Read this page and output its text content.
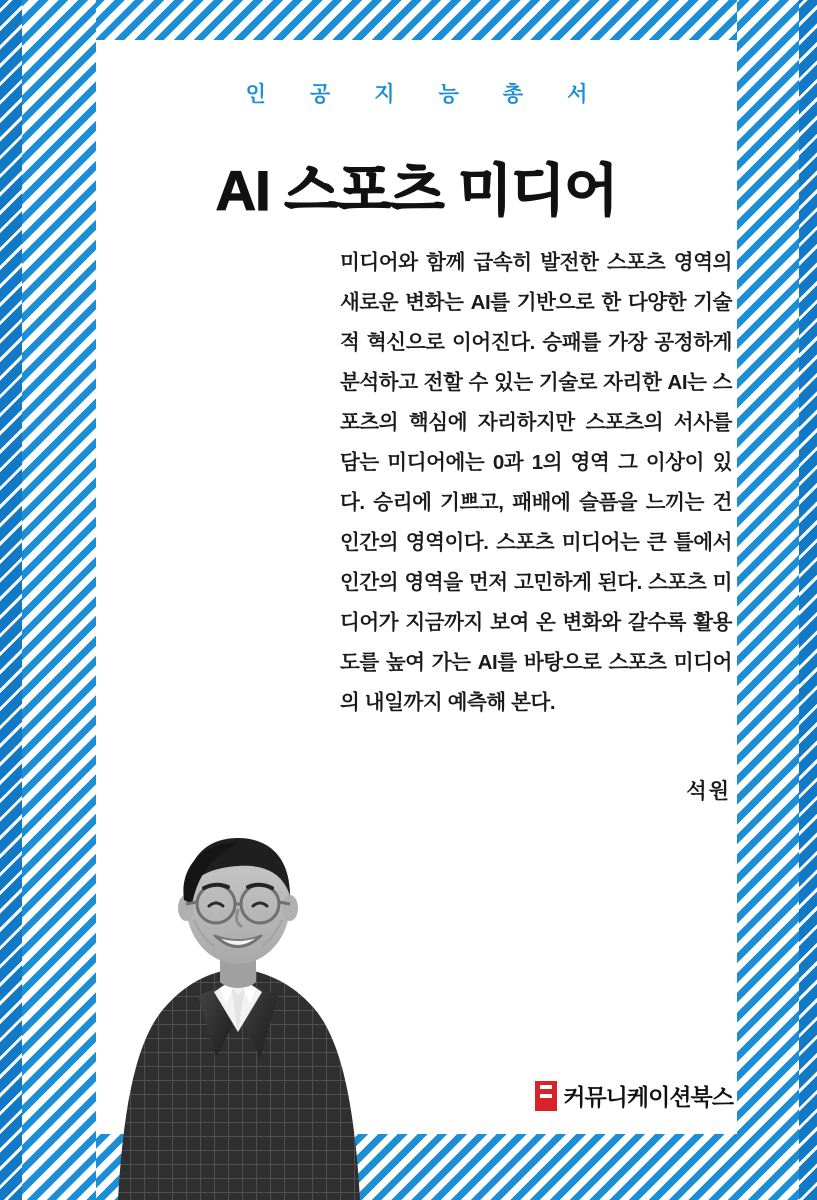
인공지능총서
AI 스포츠 미디어

미디어와 함께 급속히 발전한 스포츠 영역의 새로운 변화는 AI를 기반으로 한 다양한 기술적 혁신으로 이어진다. 승패를 가장 공정하게 분석하고 전할 수 있는 기술로 자리한 AI는 스포츠의 핵심에 자리하지만 스포츠의 서사를 담는 미디어에는 0과 1의 영역 그 이상이 있다. 승리에 기쁘고, 패배에 슬픔을 느끼는 건 인간의 영역이다. 스포츠 미디어는 큰 틀에서 인간의 영역을 먼저 고민하게 된다. 스포츠 미디어가 지금까지 보여 온 변화와 갈수록 활용도를 높여 가는 AI를 바탕으로 스포츠 미디어의 내일까지 예측해 본다.

석원
커뮤니케이션북스
